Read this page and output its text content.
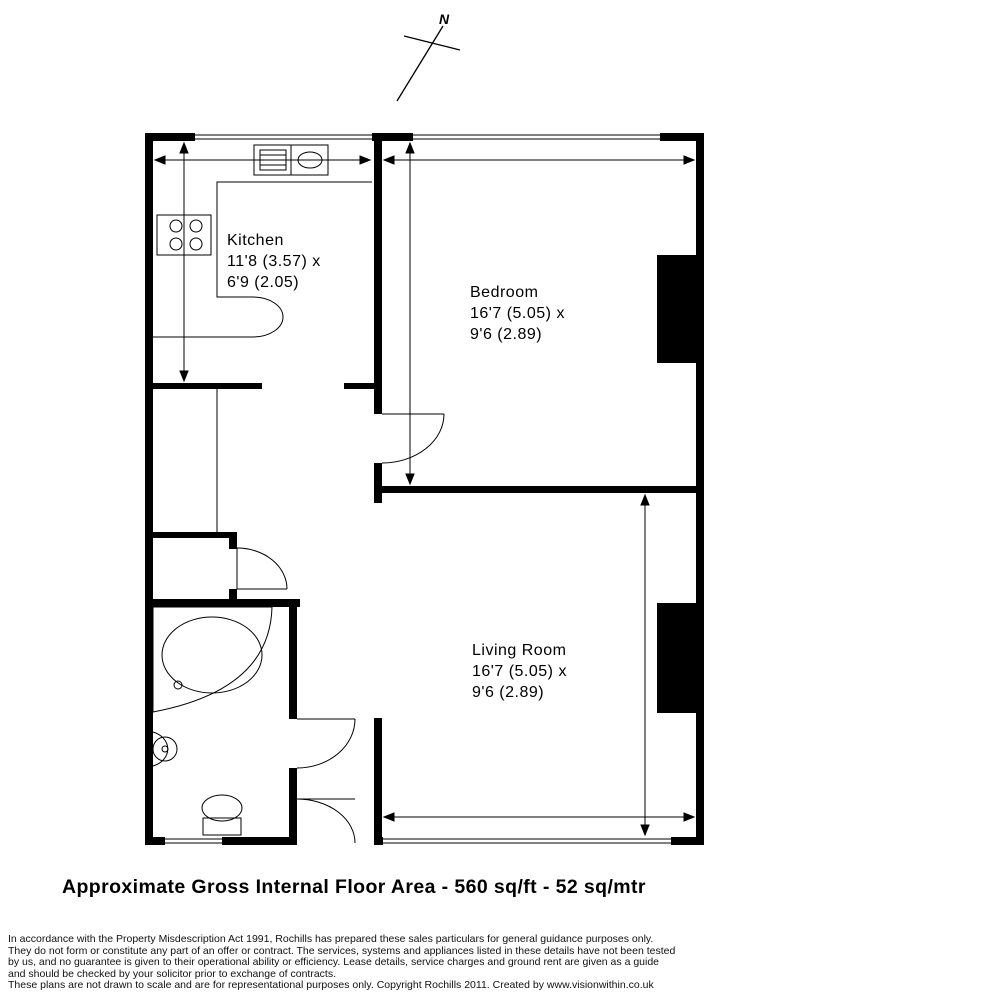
N
Kitchen
11'8 (3.57) x
6'9 (2.05)
Bedroom
16'7 (5.05) x
9'6 (2.89)
Living Room
16'7 (5.05) x
9'6 (2.89)
Approximate Gross Internal Floor Area - 560 sq/ft - 52 sq/mtr
In accordance with the Property Misdescription Act 1991, Rochills has prepared these sales particulars for general guidance purposes only.
They do not form or constitute any part of an offer or contract. The services, systems and appliances listed in these details have not been tested
by us, and no guarantee is given to their operational ability or efficiency. Lease details, service charges and ground rent are given as a guide
and should be checked by your solicitor prior to exchange of contracts.
These plans are not drawn to scale and are for representational purposes only. Copyright Rochills 2011. Created by www.visionwithin.co.uk
